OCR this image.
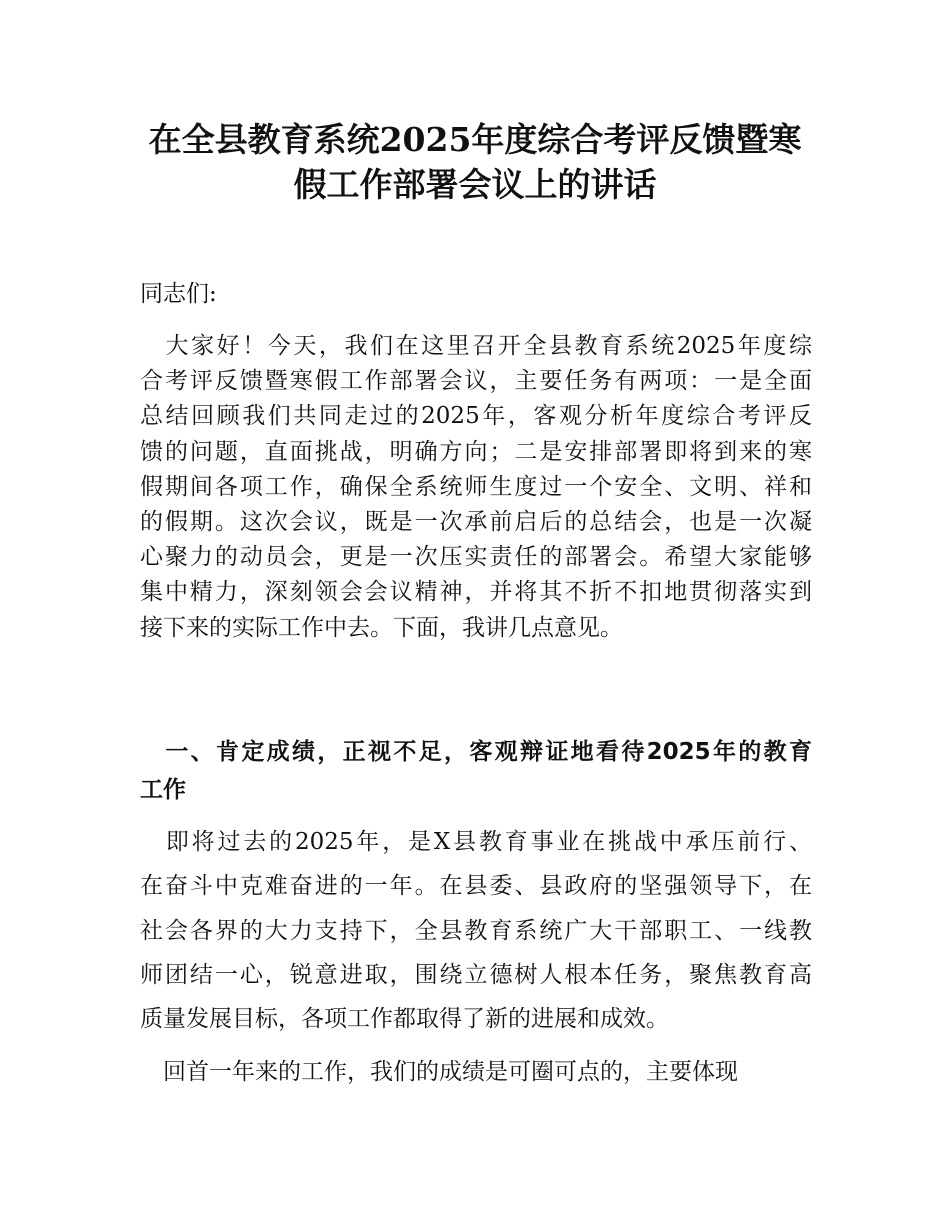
在全县教育系统2025年度综合考评反馈暨寒
假工作部署会议上的讲话
同志们:
　大家好！今天，我们在这里召开全县教育系统2025年度综
合考评反馈暨寒假工作部署会议，主要任务有两项：一是全面
总结回顾我们共同走过的2025年，客观分析年度综合考评反
馈的问题，直面挑战，明确方向；二是安排部署即将到来的寒
假期间各项工作，确保全系统师生度过一个安全、文明、祥和
的假期。这次会议，既是一次承前启后的总结会，也是一次凝
心聚力的动员会，更是一次压实责任的部署会。希望大家能够
集中精力，深刻领会会议精神，并将其不折不扣地贯彻落实到
接下来的实际工作中去。下面，我讲几点意见。
　一、肯定成绩，正视不足，客观辩证地看待2025年的教育
工作
　即将过去的2025年，是X县教育事业在挑战中承压前行、
在奋斗中克难奋进的一年。在县委、县政府的坚强领导下，在
社会各界的大力支持下，全县教育系统广大干部职工、一线教
师团结一心，锐意进取，围绕立德树人根本任务，聚焦教育高
质量发展目标，各项工作都取得了新的进展和成效。
　回首一年来的工作，我们的成绩是可圈可点的，主要体现
